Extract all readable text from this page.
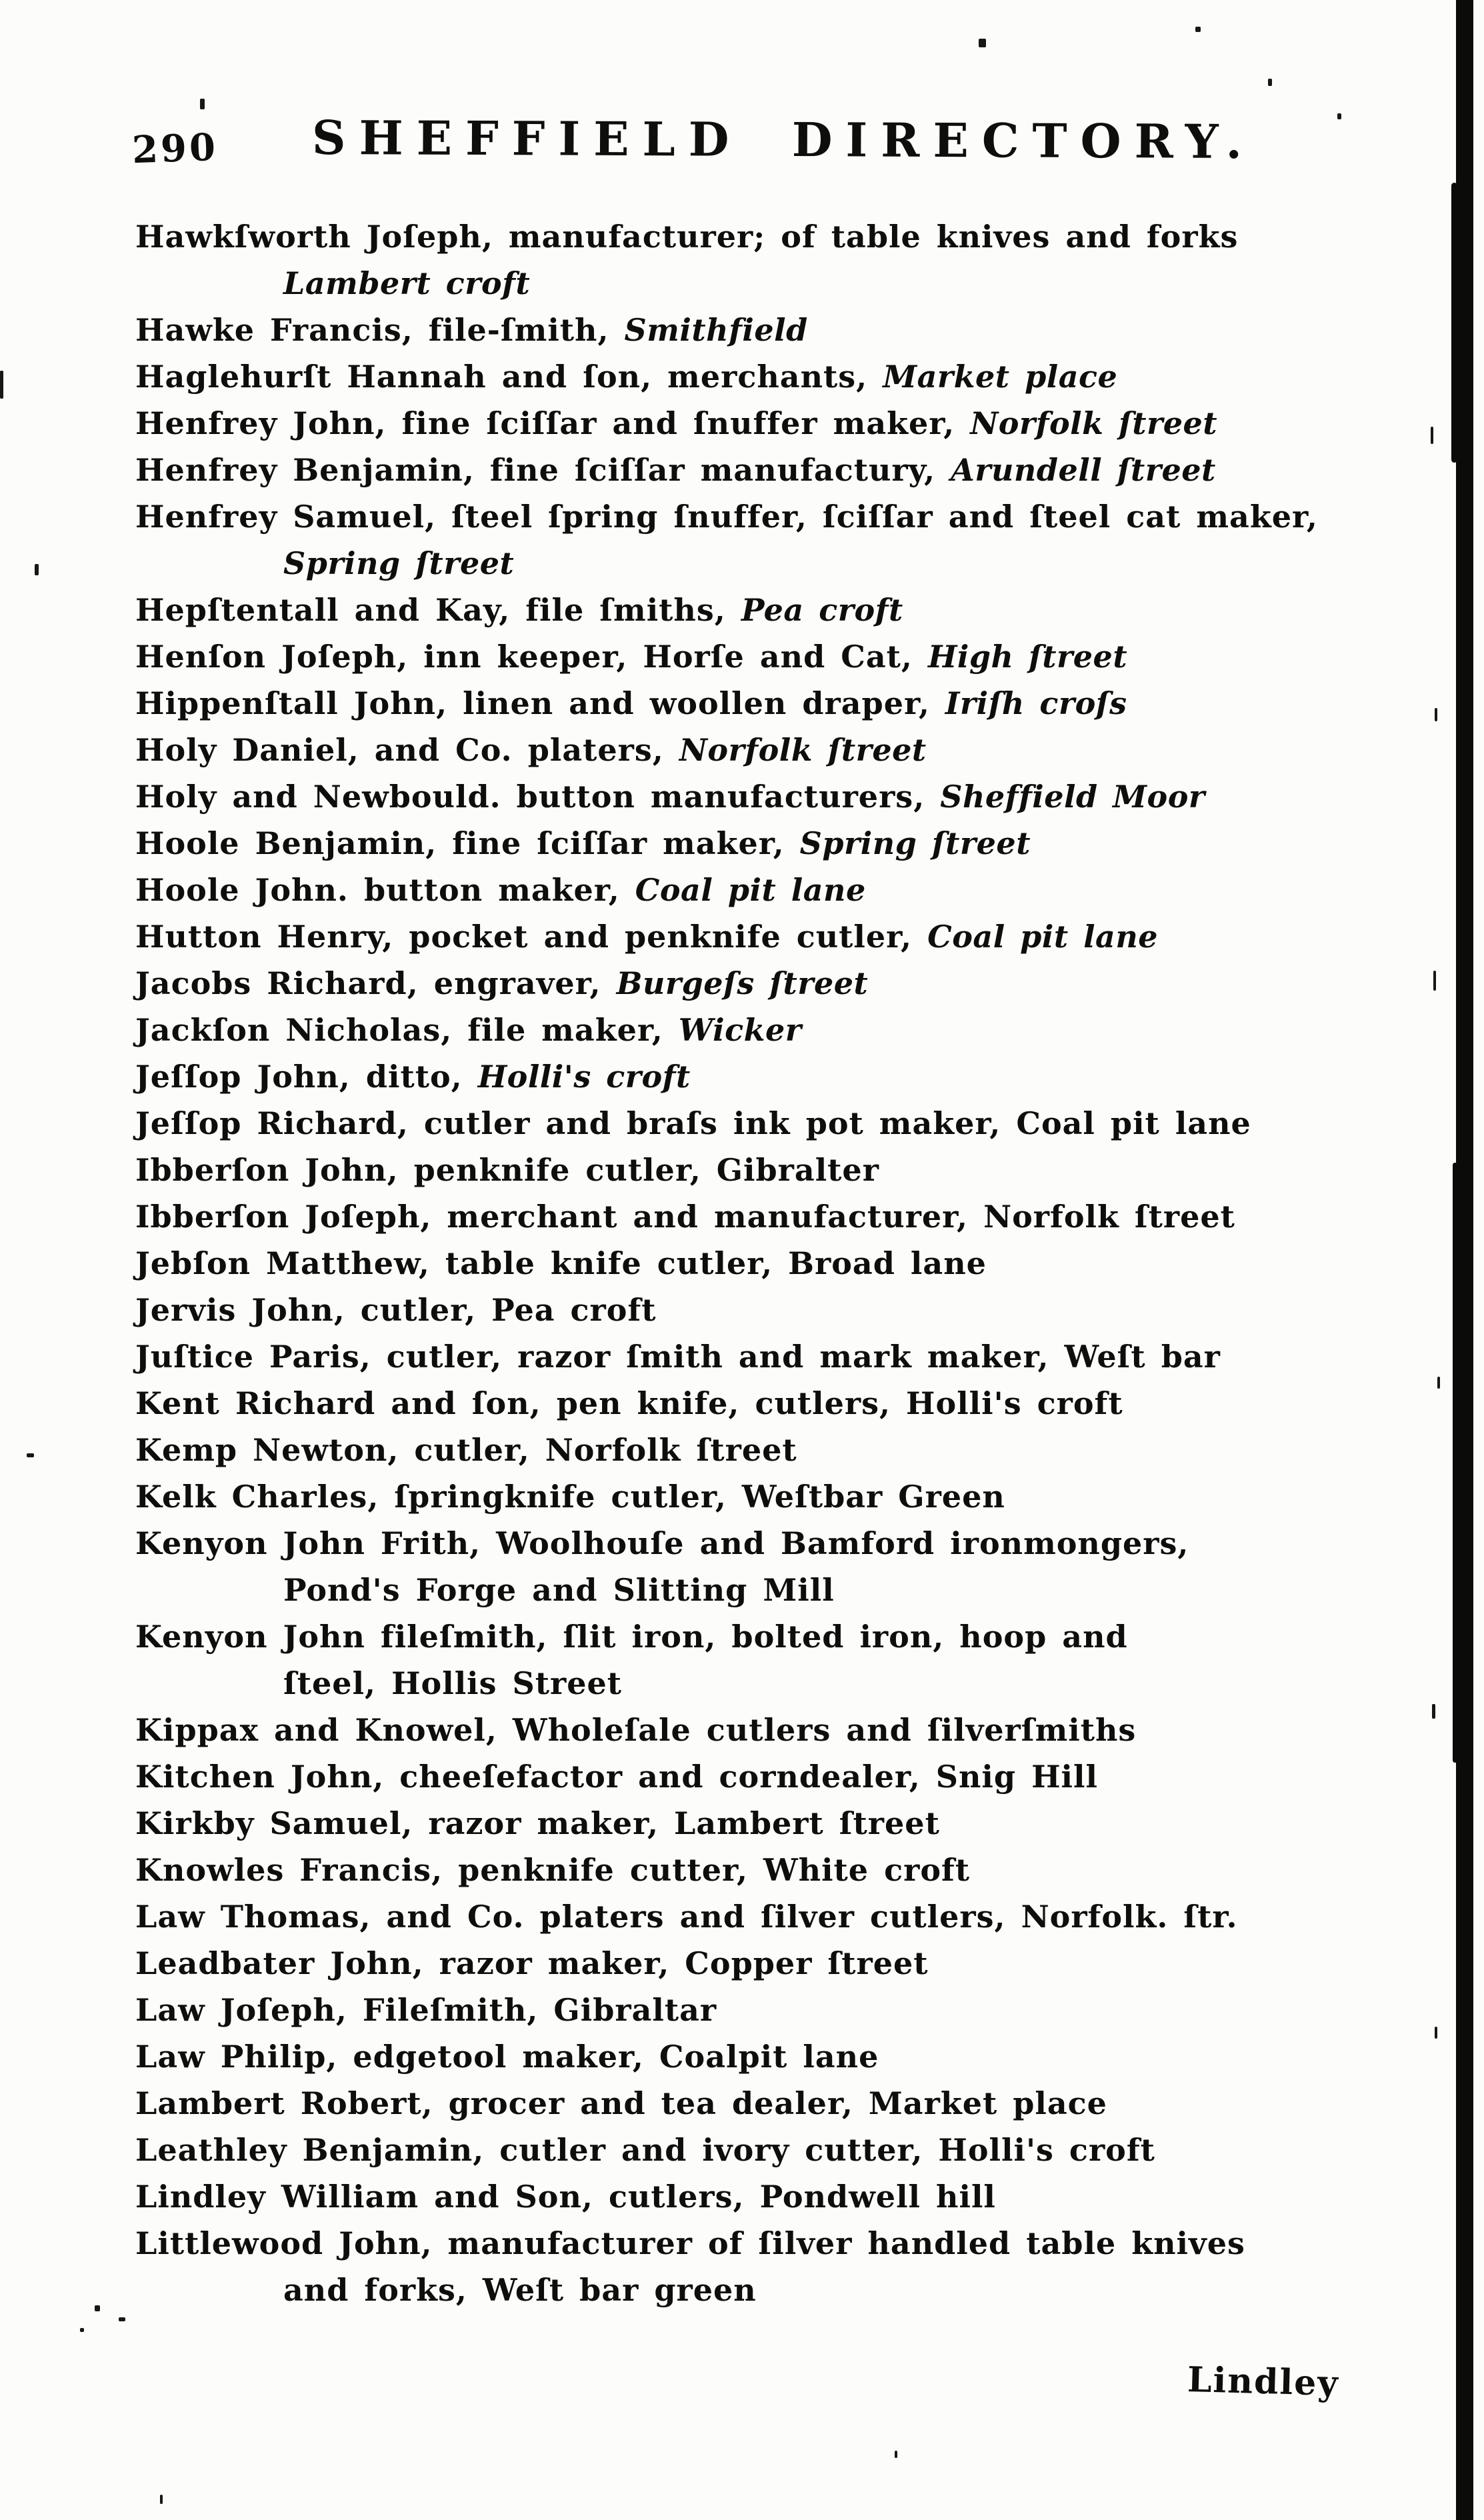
290 SHEFFIELD DIRECTORY.
Hawkſworth Joſeph, manufacturer; of table knives and forks
Lambert croft
Hawke Francis, file-ſmith, Smithfield
Haglehurſt Hannah and ſon, merchants, Market place
Henfrey John, fine ſciſſar and ſnuffer maker, Norfolk ſtreet
Henfrey Benjamin, fine ſciſſar manufactury, Arundell ſtreet
Henfrey Samuel, ſteel ſpring ſnuffer, ſciſſar and ſteel cat maker,
Spring ſtreet
Hepſtentall and Kay, file ſmiths, Pea croft
Henſon Joſeph, inn keeper, Horſe and Cat, High ſtreet
Hippenſtall John, linen and woollen draper, Iriſh croſs
Holy Daniel, and Co. platers, Norfolk ſtreet
Holy and Newbould. button manufacturers, Sheffield Moor
Hoole Benjamin, fine ſciſſar maker, Spring ſtreet
Hoole John. button maker, Coal pit lane
Hutton Henry, pocket and penknife cutler, Coal pit lane
Jacobs Richard, engraver, Burgeſs ſtreet
Jackſon Nicholas, file maker, Wicker
Jeſſop John, ditto, Holli's croft
Jeſſop Richard, cutler and braſs ink pot maker, Coal pit lane
Ibberſon John, penknife cutler, Gibralter
Ibberſon Joſeph, merchant and manufacturer, Norfolk ſtreet
Jebſon Matthew, table knife cutler, Broad lane
Jervis John, cutler, Pea croft
Juſtice Paris, cutler, razor ſmith and mark maker, Weſt bar
Kent Richard and ſon, pen knife, cutlers, Holli's croft
Kemp Newton, cutler, Norfolk ſtreet
Kelk Charles, ſpringknife cutler, Weſtbar Green
Kenyon John Frith, Woolhouſe and Bamford ironmongers,
Pond's Forge and Slitting Mill
Kenyon John fileſmith, ſlit iron, bolted iron, hoop and
ſteel, Hollis Street
Kippax and Knowel, Wholeſale cutlers and ſilverſmiths
Kitchen John, cheeſefactor and corndealer, Snig Hill
Kirkby Samuel, razor maker, Lambert ſtreet
Knowles Francis, penknife cutter, White croft
Law Thomas, and Co. platers and ſilver cutlers, Norfolk. ſtr.
Leadbater John, razor maker, Copper ſtreet
Law Joſeph, Fileſmith, Gibraltar
Law Philip, edgetool maker, Coalpit lane
Lambert Robert, grocer and tea dealer, Market place
Leathley Benjamin, cutler and ivory cutter, Holli's croft
Lindley William and Son, cutlers, Pondwell hill
Littlewood John, manufacturer of ſilver handled table knives
and forks, Weſt bar green
Lindley
